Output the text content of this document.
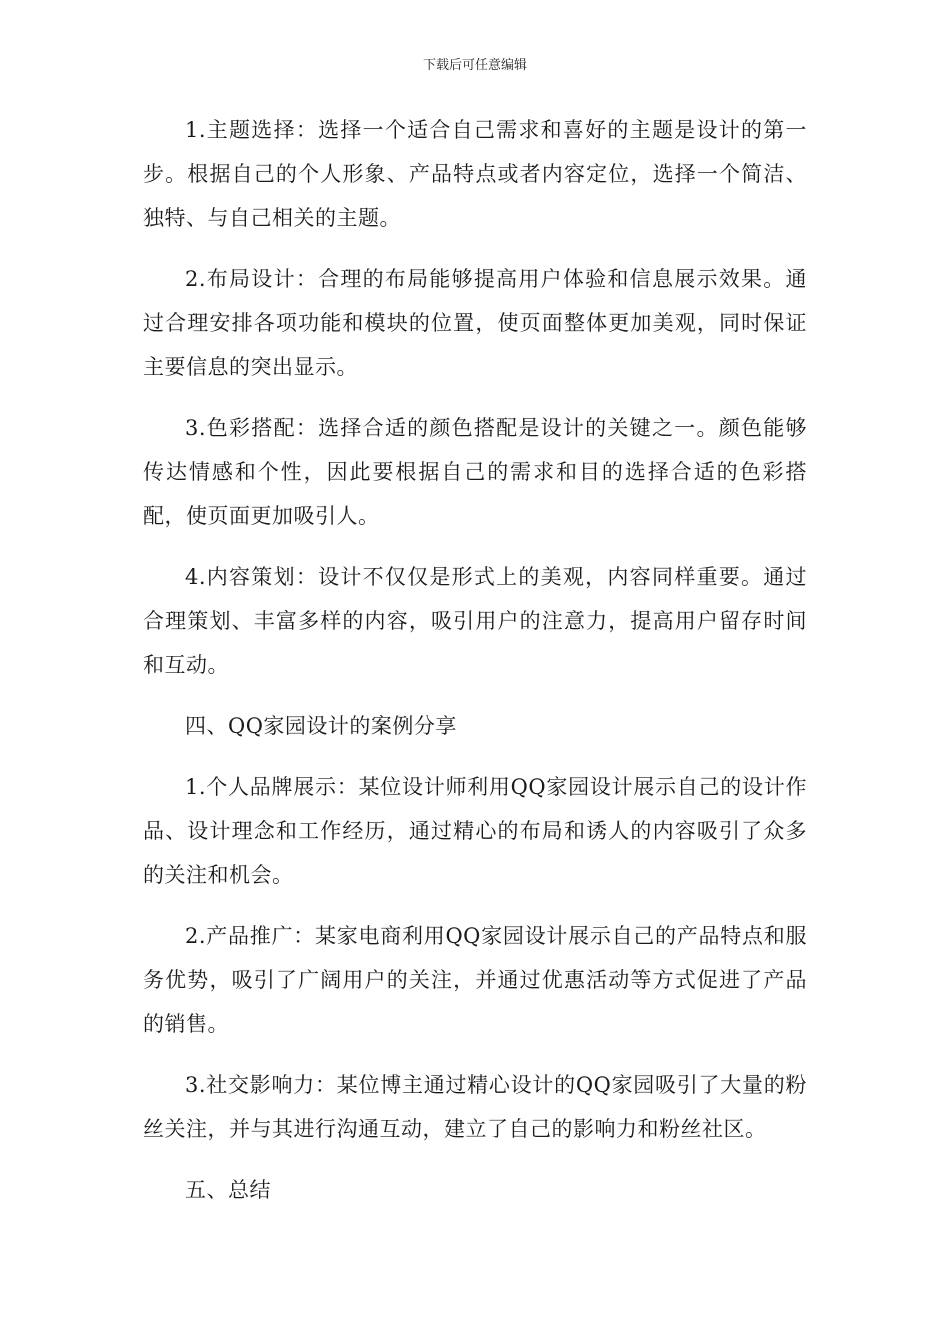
下载后可任意编辑

1.主题选择：选择一个适合自己需求和喜好的主题是设计的第一步。根据自己的个人形象、产品特点或者内容定位，选择一个简洁、独特、与自己相关的主题。

2.布局设计：合理的布局能够提高用户体验和信息展示效果。通过合理安排各项功能和模块的位置，使页面整体更加美观，同时保证主要信息的突出显示。

3.色彩搭配：选择合适的颜色搭配是设计的关键之一。颜色能够传达情感和个性，因此要根据自己的需求和目的选择合适的色彩搭配，使页面更加吸引人。

4.内容策划：设计不仅仅是形式上的美观，内容同样重要。通过合理策划、丰富多样的内容，吸引用户的注意力，提高用户留存时间和互动。

四、QQ家园设计的案例分享

1.个人品牌展示：某位设计师利用QQ家园设计展示自己的设计作品、设计理念和工作经历，通过精心的布局和诱人的内容吸引了众多的关注和机会。

2.产品推广：某家电商利用QQ家园设计展示自己的产品特点和服务优势，吸引了广阔用户的关注，并通过优惠活动等方式促进了产品的销售。

3.社交影响力：某位博主通过精心设计的QQ家园吸引了大量的粉丝关注，并与其进行沟通互动，建立了自己的影响力和粉丝社区。

五、总结
